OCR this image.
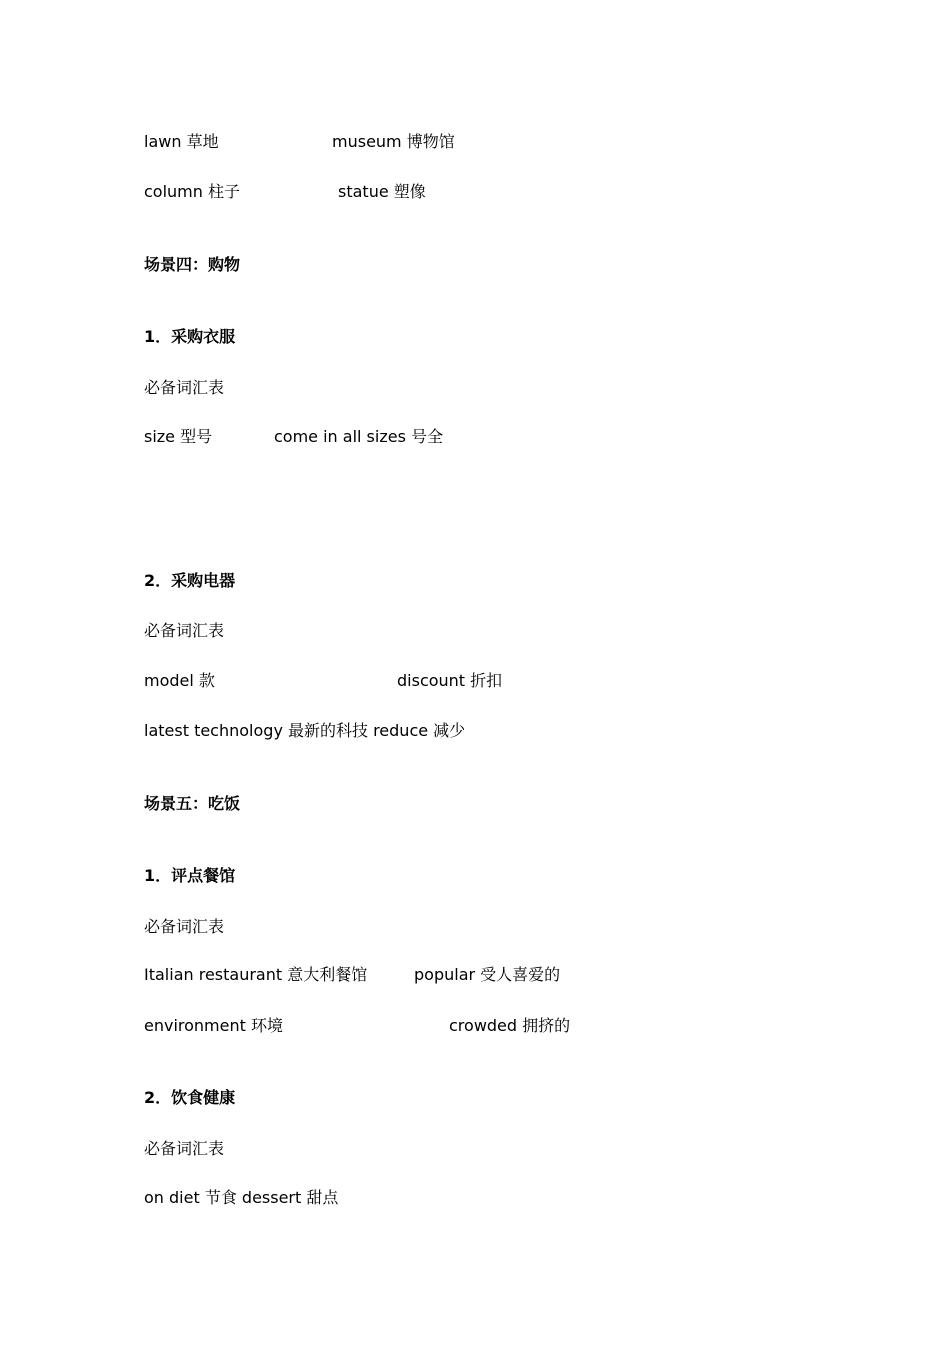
lawn 草地	museum 博物馆
column 柱子	statue 塑像
场景四：购物
1．采购衣服
必备词汇表
size 型号	come in all sizes 号全
2．采购电器
必备词汇表
model 款	discount 折扣
latest technology 最新的科技 reduce 减少
场景五：吃饭
1．评点餐馆
必备词汇表
Italian restaurant 意大利餐馆	popular 受人喜爱的
environment 环境	crowded 拥挤的
2．饮食健康
必备词汇表
on diet 节食 dessert 甜点
